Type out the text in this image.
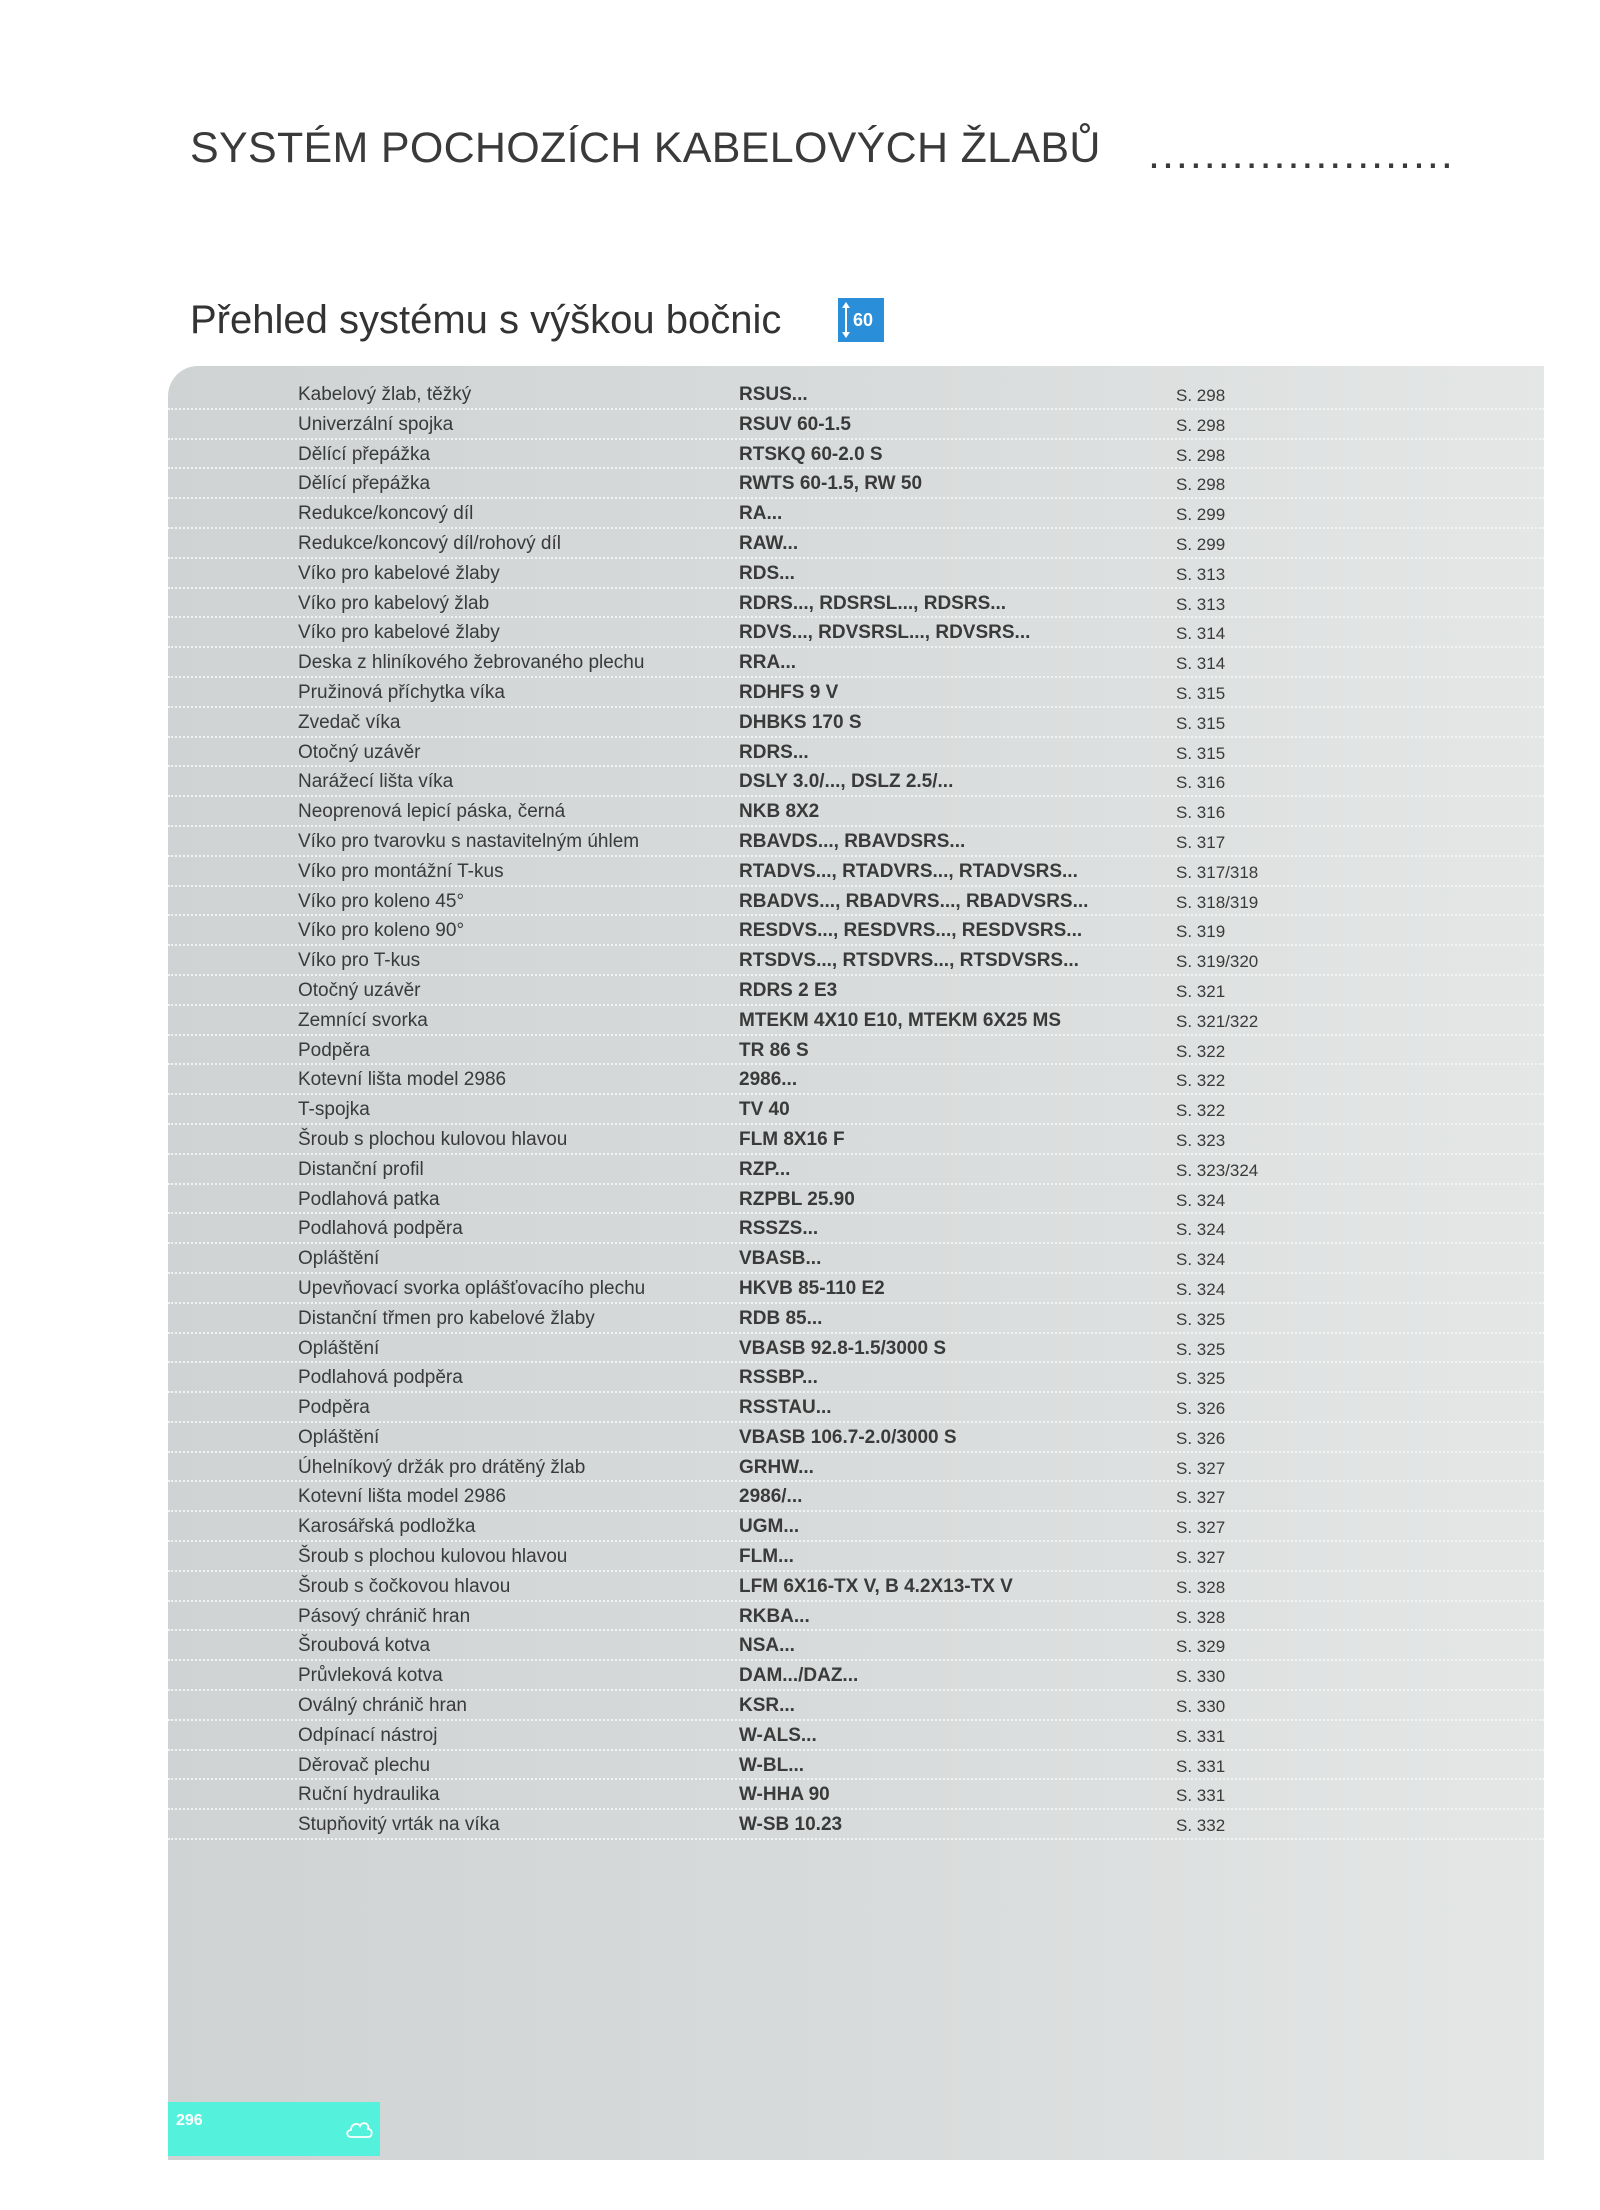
SYSTÉM POCHOZÍCH KABELOVÝCH ŽLABŮ ......................
Přehled systému s výškou bočnic	60
Kabelový žlab, těžký	RSUS...	S. 298
Univerzální spojka	RSUV 60-1.5	S. 298
Dělící přepážka	RTSKQ 60-2.0 S	S. 298
Dělící přepážka	RWTS 60-1.5, RW 50	S. 298
Redukce/koncový díl	RA...	S. 299
Redukce/koncový díl/rohový díl	RAW...	S. 299
Víko pro kabelové žlaby	RDS...	S. 313
Víko pro kabelový žlab	RDRS..., RDSRSL..., RDSRS...	S. 313
Víko pro kabelové žlaby	RDVS..., RDVSRSL..., RDVSRS...	S. 314
Deska z hliníkového žebrovaného plechu	RRA...	S. 314
Pružinová příchytka víka	RDHFS 9 V	S. 315
Zvedač víka	DHBKS 170 S	S. 315
Otočný uzávěr	RDRS...	S. 315
Narážecí lišta víka	DSLY 3.0/..., DSLZ 2.5/...	S. 316
Neoprenová lepicí páska, černá	NKB 8X2	S. 316
Víko pro tvarovku s nastavitelným úhlem	RBAVDS..., RBAVDSRS...	S. 317
Víko pro montážní T-kus	RTADVS..., RTADVRS..., RTADVSRS...	S. 317/318
Víko pro koleno 45°	RBADVS..., RBADVRS..., RBADVSRS...	S. 318/319
Víko pro koleno 90°	RESDVS..., RESDVRS..., RESDVSRS...	S. 319
Víko pro T-kus	RTSDVS..., RTSDVRS..., RTSDVSRS...	S. 319/320
Otočný uzávěr	RDRS 2 E3	S. 321
Zemnící svorka	MTEKM 4X10 E10, MTEKM 6X25 MS	S. 321/322
Podpěra	TR 86 S	S. 322
Kotevní lišta model 2986	2986...	S. 322
T-spojka	TV 40	S. 322
Šroub s plochou kulovou hlavou	FLM 8X16 F	S. 323
Distanční profil	RZP...	S. 323/324
Podlahová patka	RZPBL 25.90	S. 324
Podlahová podpěra	RSSZS...	S. 324
Opláštění	VBASB...	S. 324
Upevňovací svorka oplášťovacího plechu	HKVB 85-110 E2	S. 324
Distanční třmen pro kabelové žlaby	RDB 85...	S. 325
Opláštění	VBASB 92.8-1.5/3000 S	S. 325
Podlahová podpěra	RSSBP...	S. 325
Podpěra	RSSTAU...	S. 326
Opláštění	VBASB 106.7-2.0/3000 S	S. 326
Úhelníkový držák pro drátěný žlab	GRHW...	S. 327
Kotevní lišta model 2986	2986/...	S. 327
Karosářská podložka	UGM...	S. 327
Šroub s plochou kulovou hlavou	FLM...	S. 327
Šroub s čočkovou hlavou	LFM 6X16-TX V, B 4.2X13-TX V	S. 328
Pásový chránič hran	RKBA...	S. 328
Šroubová kotva	NSA...	S. 329
Průvleková kotva	DAM.../DAZ...	S. 330
Oválný chránič hran	KSR...	S. 330
Odpínací nástroj	W-ALS...	S. 331
Děrovač plechu	W-BL...	S. 331
Ruční hydraulika	W-HHA 90	S. 331
Stupňovitý vrták na víka	W-SB 10.23	S. 332
296
